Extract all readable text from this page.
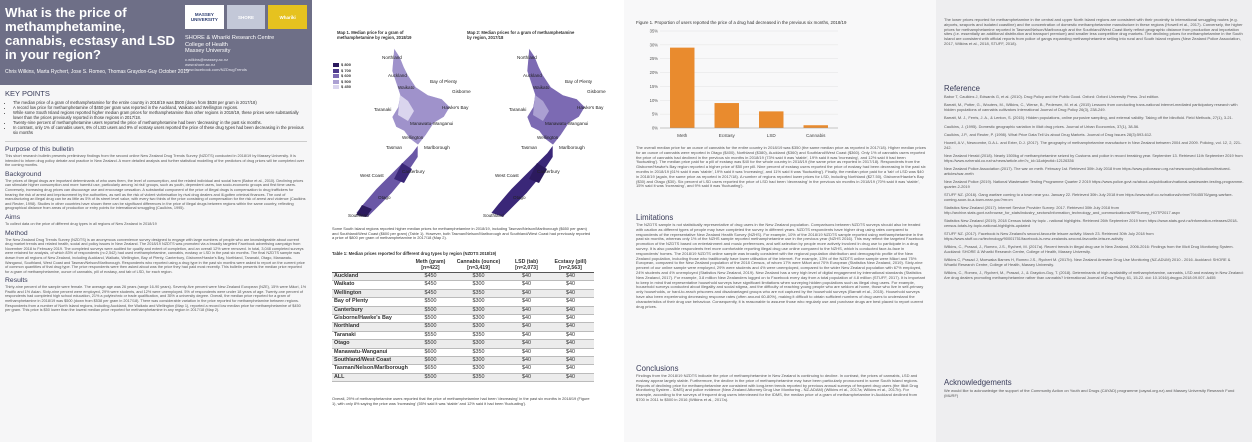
What is the price of methamphetamine, cannabis, ecstasy and LSD in your region?
Chris Wilkins, Marta Rychert, Jose S. Romeo, Thomas Graydon-Guy October 2019
MASSEY UNIVERSITY	SHORE	Whariki
SHORE & Whariki Research Centre
College of Health
Massey University
c.wilkins@massey.ac.nz
www.shore.ac.nz
www.facebook.com/NZDrugTrends
KEY POINTS
• The median price of a gram of methamphetamine for the entire country in 2018/19 was $500 (down from $538 per gram in 2017/18)
• A record low price for methamphetamine of $450 per gram was reported in the Auckland, Waikato and Wellington regions.
• While some South Island regions reported higher median gram prices for methamphetamine than other regions in 2018/19, these prices were substantially lower than the prices previously reported in those regions in 2017/18.
• Twenty-nine percent of methamphetamine users reported the price of methamphetamine had been 'decreasing' in the past six months.
• In contrast, only 1% of cannabis users, 6% of LSD users and 9% of ecstasy users reported the price of these drug types had been decreasing in the previous six months
Purpose of this bulletin
This short research bulletin presents preliminary findings from the second online New Zealand Drug Trends Survey (NZDTS) conducted in 2018/19 by Massey University. It is intended to inform drug policy debate and practice in New Zealand. A more detailed analysis and further statistical modelling of the predictors of drug prices will be completed over the coming months.
Background
The prices of illegal drugs are important determinants of who uses them, the level of consumption, and the related individual and social harm (Babor et al., 2010). Declining prices can stimulate higher consumption and more harmful use, particularly among 'at risk' groups, such as youth, dependent users, low socio-economic groups and first time users. Conversely, increasing drug prices can discourage use and encourage cessation. A substantial component of the price of illegal drugs is compensation to drug traffickers for bearing the risk of arrest and imprisonment by the authorities, as well as the risk of violent victimisation by rival drug dealers and ill-gotten criminal finances. The cost of manufacturing an illegal drug can be as little as 5% of its street level value, with every two thirds of the price consisting of compensation for the risk of arrest and violence (Caulkins and Reuter, 1998). Studies in other countries have shown there can be significant differences in the price of illegal drugs between regions within the same country, reflecting geographical distance from areas of production or entry points for international smuggling (Caulkins, 1995).
Aims
To collect data on the price of different drug types in all regions of New Zealand in 2018/19
Method
The New Zealand Drug Trends Survey (NZDTS) is an anonymous convenience survey designed to engage with large numbers of people who are knowledgeable about current drug market trends and related health, social and policy issues in New Zealand. The 2018/19 NZDTS was promoted via a broadly targeted Facebook advertising campaign from November 2018 to February 2019. The completed surveys were audited for quality and extent of completion, and an overall 12% were removed. In total, 3,048 completed surveys were retained for analysis, of which 83% of respondents (n=2,542) had used methamphetamine, cannabis, ecstasy or LSD in the past six months. The final NZDTS sample was drawn from all regions of New Zealand, including Auckland, Waikato, Wellington, Bay of Plenty, Canterbury, Gisborne/Hawke's Bay, Northland, Taranaki, Otago, Manawatu-Wanganui, Southland, West Coast and Tasman/Nelson/Marlborough. Respondents who reported using a drug type in the past six months were asked to report on the current price of common quantities of that drug type. The price respondents were then asked about was the price they had paid most recently. This bulletin presents the median price reported for a gram of methamphetamine, ounce of cannabis, pill of ecstasy, and tab of LSD, for each region.
Results
Thirty-nine percent of the sample were female. The average age was 26 years (range 16-90 years). Seventy-five percent were New Zealand European (NZE), 15% were Māori, 1% Pacific and 1% Asian. Sixty-nine percent were employed, 29% were students, and 12% were unemployed. 5% of respondents were under 18 years of age. Twenty-one percent of respondents had completed high school education, 21% a polytechnic or trade qualification, and 35% a university degree. Overall, the median price reported for a gram of methamphetamine in 2018/19 was $500 (down from $538 per gram in 2017/18). There was considerable variation in the price reported for methamphetamine between regions. Respondents from a number of North Island regions, including Auckland, the Waikato and Wellington (Map 1), reported a record low median price for methamphetamine of $450 per gram. This price is $50 lower than the lowest median price reported for methamphetamine in any region in 2017/18 (Map 2).
Map 1. Median price for a gram of methamphetamine by region, 2018/19
Map 2: Median prices for a gram of methamphetamine by region, 2017/18
$ 800
$ 700
$ 600
$ 500
$ 450
Northland
Auckland
Waikato
Bay of Plenty
Gisborne
Taranaki	Hawke's Bay
Manawatu-Wanganui
Wellington
Tasman	Marlborough
West Coast
Canterbury
Otago
Southland
Northland
Auckland
Waikato
Bay of Plenty
Gisborne
Taranaki	Hawke's Bay
Manawatu-Wanganui
Wellington
Tasman	Marlborough
West Coast
Canterbury
Otago
Southland
Some South Island regions reported higher median prices for methamphetamine in 2018/19, including Tasman/Nelson/Marlborough ($650 per gram) and Southland/West Coast ($600 per gram) (Table 1). However, both Tasman/Nelson/Marlborough and Southland/West Coast had previously reported a price of $800 per gram of methamphetamine in 2017/18 (Map 2).
Table 1: Median prices reported for different drug types by region (NZDTS 2018/19)
	Meth (gram) [n=422]	Cannabis (ounce) [n=3,419]	LSD (tab) [n=2,073]	Ecstasy (pill) [n=2,563]
Auckland	$450	$360	$40	$40
Waikato	$450	$300	$40	$40
Wellington	$450	$350	$40	$40
Bay of Plenty	$500	$300	$40	$40
Canterbury	$500	$300	$40	$40
Gisborne/Hawke's Bay	$500	$300	$40	$40
Northland	$500	$300	$40	$40
Taranaki	$550	$350	$40	$40
Otago	$500	$300	$40	$40
Manawatu-Wanganui	$600	$350	$40	$40
Southland/West Coast	$600	$300	$40	$40
Tasman/Nelson/Marlborough	$650	$300	$40	$40
ALL	$500	$350	$40	$40
Overall, 29% of methamphetamine users reported that the price of methamphetamine had been 'decreasing' in the past six months in 2018/19 (Figure 1), with only 8% saying the price was 'increasing' (55% said it was 'stable' and 12% said it had been 'fluctuating').
Figure 1. Proportion of users reported the price of a drug had decreased in the previous six months, 2018/19
35%
30%
25%
20%
15%
10%
5%
0%
Meth	Ecstasy	LSD	Cannabis
The overall median price for an ounce of cannabis for the entire country in 2018/19 was $350 (the same median price as reported in 2017/18). Higher median prices for an ounce of cannabis were reported in Otago ($400), Northland ($380), Auckland ($360) and Southland/West Coast ($360). Only 1% of cannabis users reported the price of cannabis had declined in the previous six months in 2018/19 (73% said it was 'stable', 19% said it was 'increasing', and 12% said it had been 'fluctuating'). The median price paid for a pill of ecstasy was $40 for the whole country in 2018/19 (the same price as reported in 2017/18). Respondents from the Gisborne/Hawke's Bay region reported a higher price of $50 per pill. Nine percent of ecstasy users reported the price of ecstasy had been decreasing in the past six months in 2018/19 (61% said it was 'stable', 19% said it was 'increasing', and 11% said it was 'fluctuating'). Finally, the median price paid for a 'tab' of LSD was $40 in 2018/19 (again, the same price as reported in 2017/18). A number of regions reported lower prices for LSD, including Northland ($27.50), Gisborne/Hawke's Bay ($30) and Otago ($30). Six percent of LSD users reported the price of LSD had been 'decreasing' in the previous six months in 2018/19 (70% said it was 'stable', 15% said it was 'increasing', and 9% said it was 'fluctuating').
Limitations
The NZDTS sample is not statistically representative of drug users in the New Zealand population. Comparisons between NZDTS surveys should also be treated with caution as different types of people may have completed the survey in different years. NZDTS respondents have higher drug using rates compared to respondents of the representative New Zealand Health Survey (NZHS). For example, 10% of the 2018/19 NZDTS sample reported using methamphetamine in the past six months, whereas only 1% of the NZHS sample reported methamphetamine use in the previous year (NZHS 2016). This may reflect the targeted Facebook promotion of the NZDTS based on entertainment and music preferences, and self-selection by people more actively involved in drug use to participate in a drug survey. It is also possible respondents feel more comfortable reporting illegal drug use online compared to the NZHS, which is conducted face-to-face in respondents' homes. The 2018/19 NZDTS online sample was broadly consistent with the regional population distribution and demographic profile of the New Zealand population, including those who traditionally have lower utilisation of the internet. For example, 13% of the NZDTS online sample were Māori and 75% European, compared to the New Zealand population of the 2018 Census, of whom 17% were Māori and 70% European (Statistics New Zealand, 2019). Sixty-nine percent of our online sample were employed, 29% were students and 4% were unemployed, compared to the wider New Zealand population with 67% employed, 24% students and 4% unemployed (Statistics New Zealand, 2019). New Zealand has a very high level of digital engagement by international standards (Statistics New Zealand, 2017). For example, 3.8 million New Zealanders logged on to Facebook every day from a total population of 4.8 million (STUFF, 2017). It is important to keep in mind that representative household surveys have significant limitations when surveying hidden populations such as illegal drug users. For example, household surveys conducted about illegality and social stigma, and the difficulty of reaching young people who are seldom at home, those who live in self-primary only households, or hard-to-reach prisoners and disadvantaged groups who are not captured by the household surveys (Barratt et al., 2015). Household surveys have also been experiencing decreasing response rates (often around 60-80%), making it difficult to obtain sufficient numbers of drug users to understand the characteristics of their drug use behaviour. Consequently, it is reasonable to assume those who regularly use and purchase drugs are best placed to report current drug prices.
Conclusions
Findings from the 2018/19 NZDTS indicate the price of methamphetamine in New Zealand is continuing to decline. In contrast, the prices of cannabis, LSD and ecstasy appear largely stable. Furthermore, the decline in the price of methamphetamine may have been particularly pronounced in some South Island regions. Reports of declining price for methamphetamine are consistent with long-term trends reported by previous annual surveys of frequent drug users (the Illicit Drug Monitoring System - IDMS) and police evidence (New Zealand Attorney Drug Use Monitoring - NZ-ADAM) (Wilkins et al., 2017a; Wilkins et al., 2017b). For example, according to the surveys of frequent drug users interviewed for the IDMS, the median price of a gram of methamphetamine in Auckland declined from $700 in 2011 to $500 in 2016 (Wilkins et al., 2017a).
The lower prices reported for methamphetamine in the central and upper North Island regions are consistent with their proximity to international smuggling routes (e.g. airports, seaports and isolated coastline) and the concentration of domestic methamphetamine manufacture in these regions (Howell et al., 2017). Conversely, the higher prices for methamphetamine reported in Tasman/Nelson/Marlborough and the Southland/West Coast likely reflect geographic distance from production and importation sites (i.e. essentially an additional distribution and transport premium) and smaller less competitive drug markets. The declining prices for methamphetamine in the South Island are consistent with official reports from police of gangs expanding methamphetamine selling into rural and South Island regions (New Zealand Police Association, 2017, Wilkins et al., 2018, STUFF, 2018).
Reference
Babor T, Caulkins J, Edwards G, et al. (2010). Drug Policy and the Public Good. Oxford: Oxford University Press. 2nd edition.
Barratt, M., Potter, G., Wouters, M., Wilkins, C., Werse, B., Pedersen, M. et al. (2015) Lessons from conducting trans-national internet-mediated participatory research with hidden populations of cannabis cultivators International Journal of Drug Policy 26(3), 238-249.
Barratt, M. J., Ferris, J. A., & Lenton, S. (2015). Hidden populations, online purposive sampling, and external validity: Taking off the blindfold. Field Methods, 27(1), 3-21.
Caulkins, J. (1995). Domestic geographic variation in illicit drug prices. Journal of Urban Economics, 37(1), 38-56.
Caulkins, J.P., and Reuter, P. (1998). What Price Data Tell Us about Drug Markets. Journal of Drug Issues 28(3):593-612.
Howell, A.V., Newcombe, D.A.L. and Exter, D.J. (2017). The geography of methamphetamine manufacture in New Zealand between 2004 and 2009. Policing, vol. 12, 2, 221-242.
New Zealand Herald (2018). Nearly 1500kg of methamphetamine seized by Customs and police in record breaking year. September 13. Retrieved 11th September 2019 from https://www.nzherald.co.nz/nz/news/article.cfm?c_id=1&objectid=12126336
New Zealand Police Association (2017). The war on meth. February 1st. Retrieved 30th July 2018 from https://www.policeassn.org.nz/newsroom/publications/featured-articles/war-meth
New Zealand Police (2019). National Wastewater Testing Programme Quarter 2 2019 https://www.police.govt.nz/about-us/publication/national-wastewater-testing-programme-quarter-2-2019
STUFF NZ. (2016). Gang warfare coming to a town near you. January 22. Retrieved 30th July 2018 from https://www.stuff.co.nz/national/crime/79445576/gang-warfare-coming-soon-to-a-town-near-you?rm=m
Statistics New Zealand (2017). Internet Service Provider Survey: 2017. Retrieved 30th July 2018 from http://archive.stats.govt.nz/browse_for_stats/industry_sectors/information_technology_and_communications/ISPSurvey_HOTP2017.aspx
Statistics New Zealand (2019). 2018 Census totals by topic - national highlights. Retrieved 26th September 2019 from https://www.stats.govt.nz/information-releases/2018-census-totals-by-topic-national-highlights-updated
STUFF NZ. (2017). Facebook is New Zealand's second-favourite leisure activity. March 23. Retrieved 30th July 2018 from https://www.stuff.co.nz/technology/90001751/facebook-is-new-zealands-second-favourite-leisure-activity
Wilkins, C., Prasad, J., Romeo, J.S., Rychert, M. (2017a). Recent trends in illegal drug use in New Zealand, 2006-2016: Findings from the Illicit Drug Monitoring System. Auckland: SHORE & Whariki Research Centre, College of Health, Massey University.
Wilkins C, Prasad J, Moewaka Barnes H, Romeo J.S., Rychert M. (2017b). New Zealand Arrestee Drug Use Monitoring (NZ-ADUM) 2010 - 2016. Auckland: SHORE & Whariki Research Centre, College of Health, Massey University.
Wilkins, C., Romeo, J., Rychert, M., Prasad, J., & Graydon-Guy, T. (2018). Determinants of high availability of methamphetamine, cannabis, LSD and ecstasy in New Zealand: Are drug dealers promoting methamphetamine rather than cannabis? International Journal of Drug Policy, 61, 15-22. doi: 10.1016/j.drugpo.2018.09.007. A455
Acknowledgements
We would like to acknowledge the support of the Community Action on Youth and Drugs (CAYAD) programme (cayad.org.nz) and Massey University Research Fund (MURF)
